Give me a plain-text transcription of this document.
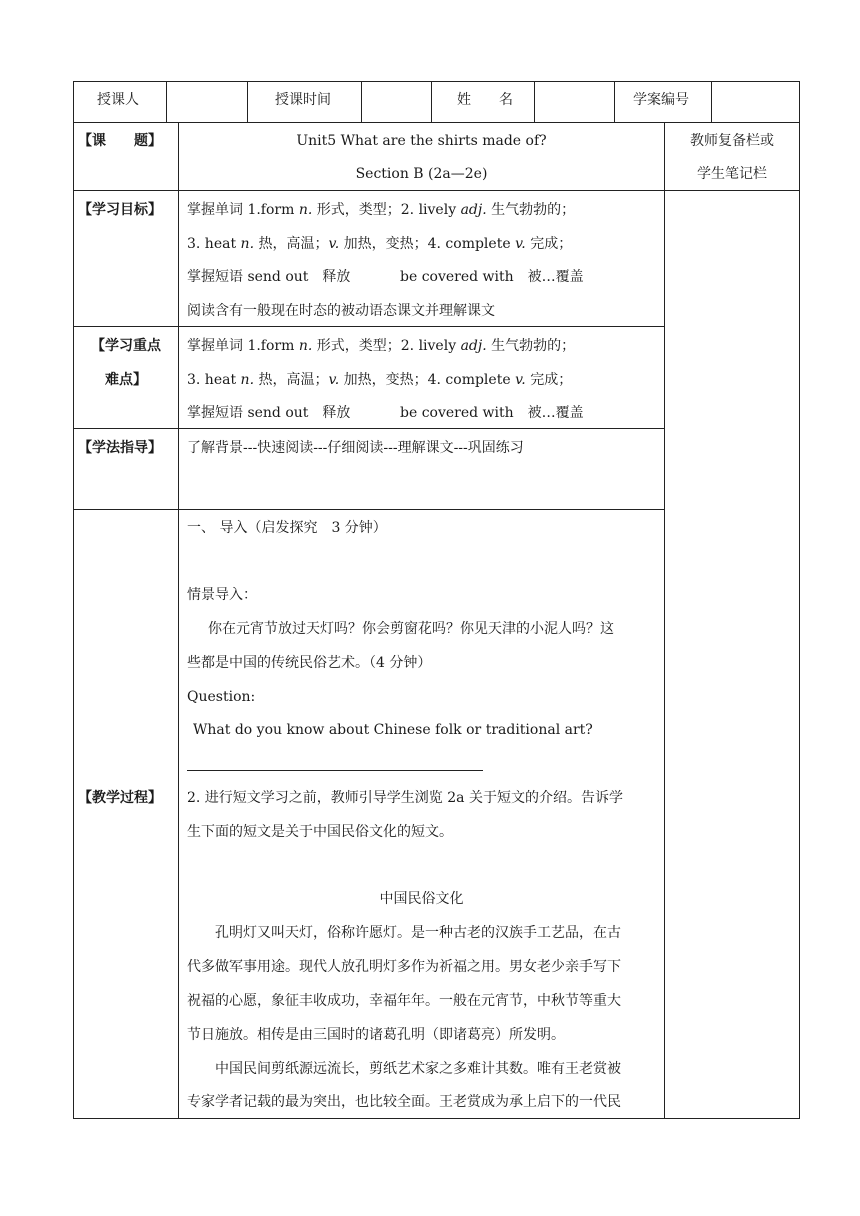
授课人	授课时间	姓　　名	学案编号
【课　　题】	Unit5 What are the shirts made of?
Section B (2a—2e)
教师复备栏或
学生笔记栏
【学习目标】 掌握单词 1.form n. 形式，类型；2. lively adj. 生气勃勃的；
3. heat n. 热，高温；v. 加热，变热；4. complete v. 完成；
掌握短语 send out　释放	be covered with　被…覆盖
阅读含有一般现在时态的被动语态课文并理解课文
【学习重点
难点】
掌握单词 1.form n. 形式，类型；2. lively adj. 生气勃勃的；
3. heat n. 热，高温；v. 加热，变热；4. complete v. 完成；
掌握短语 send out　释放	be covered with　被…覆盖
【学法指导】 了解背景---快速阅读---仔细阅读---理解课文---巩固练习
【教学过程】
一、 导入（启发探究　3 分钟）
情景导入：
你在元宵节放过天灯吗？你会剪窗花吗？你见天津的小泥人吗？这
些都是中国的传统民俗艺术。（4 分钟）
Question:
What do you know about Chinese folk or traditional art?
2. 进行短文学习之前，教师引导学生浏览 2a 关于短文的介绍。告诉学
生下面的短文是关于中国民俗文化的短文。
中国民俗文化
孔明灯又叫天灯，俗称许愿灯。是一种古老的汉族手工艺品，在古
代多做军事用途。现代人放孔明灯多作为祈福之用。男女老少亲手写下
祝福的心愿，象征丰收成功，幸福年年。一般在元宵节，中秋节等重大
节日施放。相传是由三国时的诸葛孔明（即诸葛亮）所发明。
中国民间剪纸源远流长，剪纸艺术家之多难计其数。唯有王老赏被
专家学者记载的最为突出，也比较全面。王老赏成为承上启下的一代民
